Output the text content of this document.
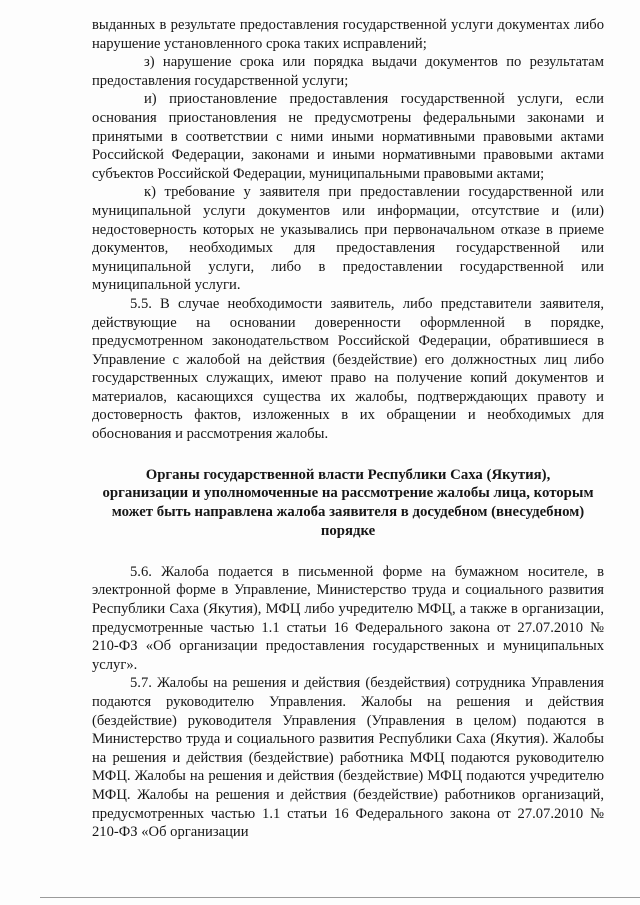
выданных в результате предоставления государственной услуги документах либо нарушение установленного срока таких исправлений;

з) нарушение срока или порядка выдачи документов по результатам предоставления государственной услуги;

и) приостановление предоставления государственной услуги, если основания приостановления не предусмотрены федеральными законами и принятыми в соответствии с ними иными нормативными правовыми актами Российской Федерации, законами и иными нормативными правовыми актами субъектов Российской Федерации, муниципальными правовыми актами;

к) требование у заявителя при предоставлении государственной или муниципальной услуги документов или информации, отсутствие и (или) недостоверность которых не указывались при первоначальном отказе в приеме документов, необходимых для предоставления государственной или муниципальной услуги, либо в предоставлении государственной или муниципальной услуги.

5.5. В случае необходимости заявитель, либо представители заявителя, действующие на основании доверенности оформленной в порядке, предусмотренном законодательством Российской Федерации, обратившиеся в Управление с жалобой на действия (бездействие) его должностных лиц либо государственных служащих, имеют право на получение копий документов и материалов, касающихся существа их жалобы, подтверждающих правоту и достоверность фактов, изложенных в их обращении и необходимых для обоснования и рассмотрения жалобы.

Органы государственной власти Республики Саха (Якутия),
организации и уполномоченные на рассмотрение жалобы лица, которым
может быть направлена жалоба заявителя в досудебном (внесудебном)
порядке

5.6. Жалоба подается в письменной форме на бумажном носителе, в электронной форме в Управление, Министерство труда и социального развития Республики Саха (Якутия), МФЦ либо учредителю МФЦ, а также в организации, предусмотренные частью 1.1 статьи 16 Федерального закона от 27.07.2010 № 210-ФЗ «Об организации предоставления государственных и муниципальных услуг».

5.7. Жалобы на решения и действия (бездействия) сотрудника Управления подаются руководителю Управления. Жалобы на решения и действия (бездействие) руководителя Управления (Управления в целом) подаются в Министерство труда и социального развития Республики Саха (Якутия). Жалобы на решения и действия (бездействие) работника МФЦ подаются руководителю МФЦ. Жалобы на решения и действия (бездействие) МФЦ подаются учредителю МФЦ. Жалобы на решения и действия (бездействие) работников организаций, предусмотренных частью 1.1 статьи 16 Федерального закона от 27.07.2010 № 210-ФЗ «Об организации
